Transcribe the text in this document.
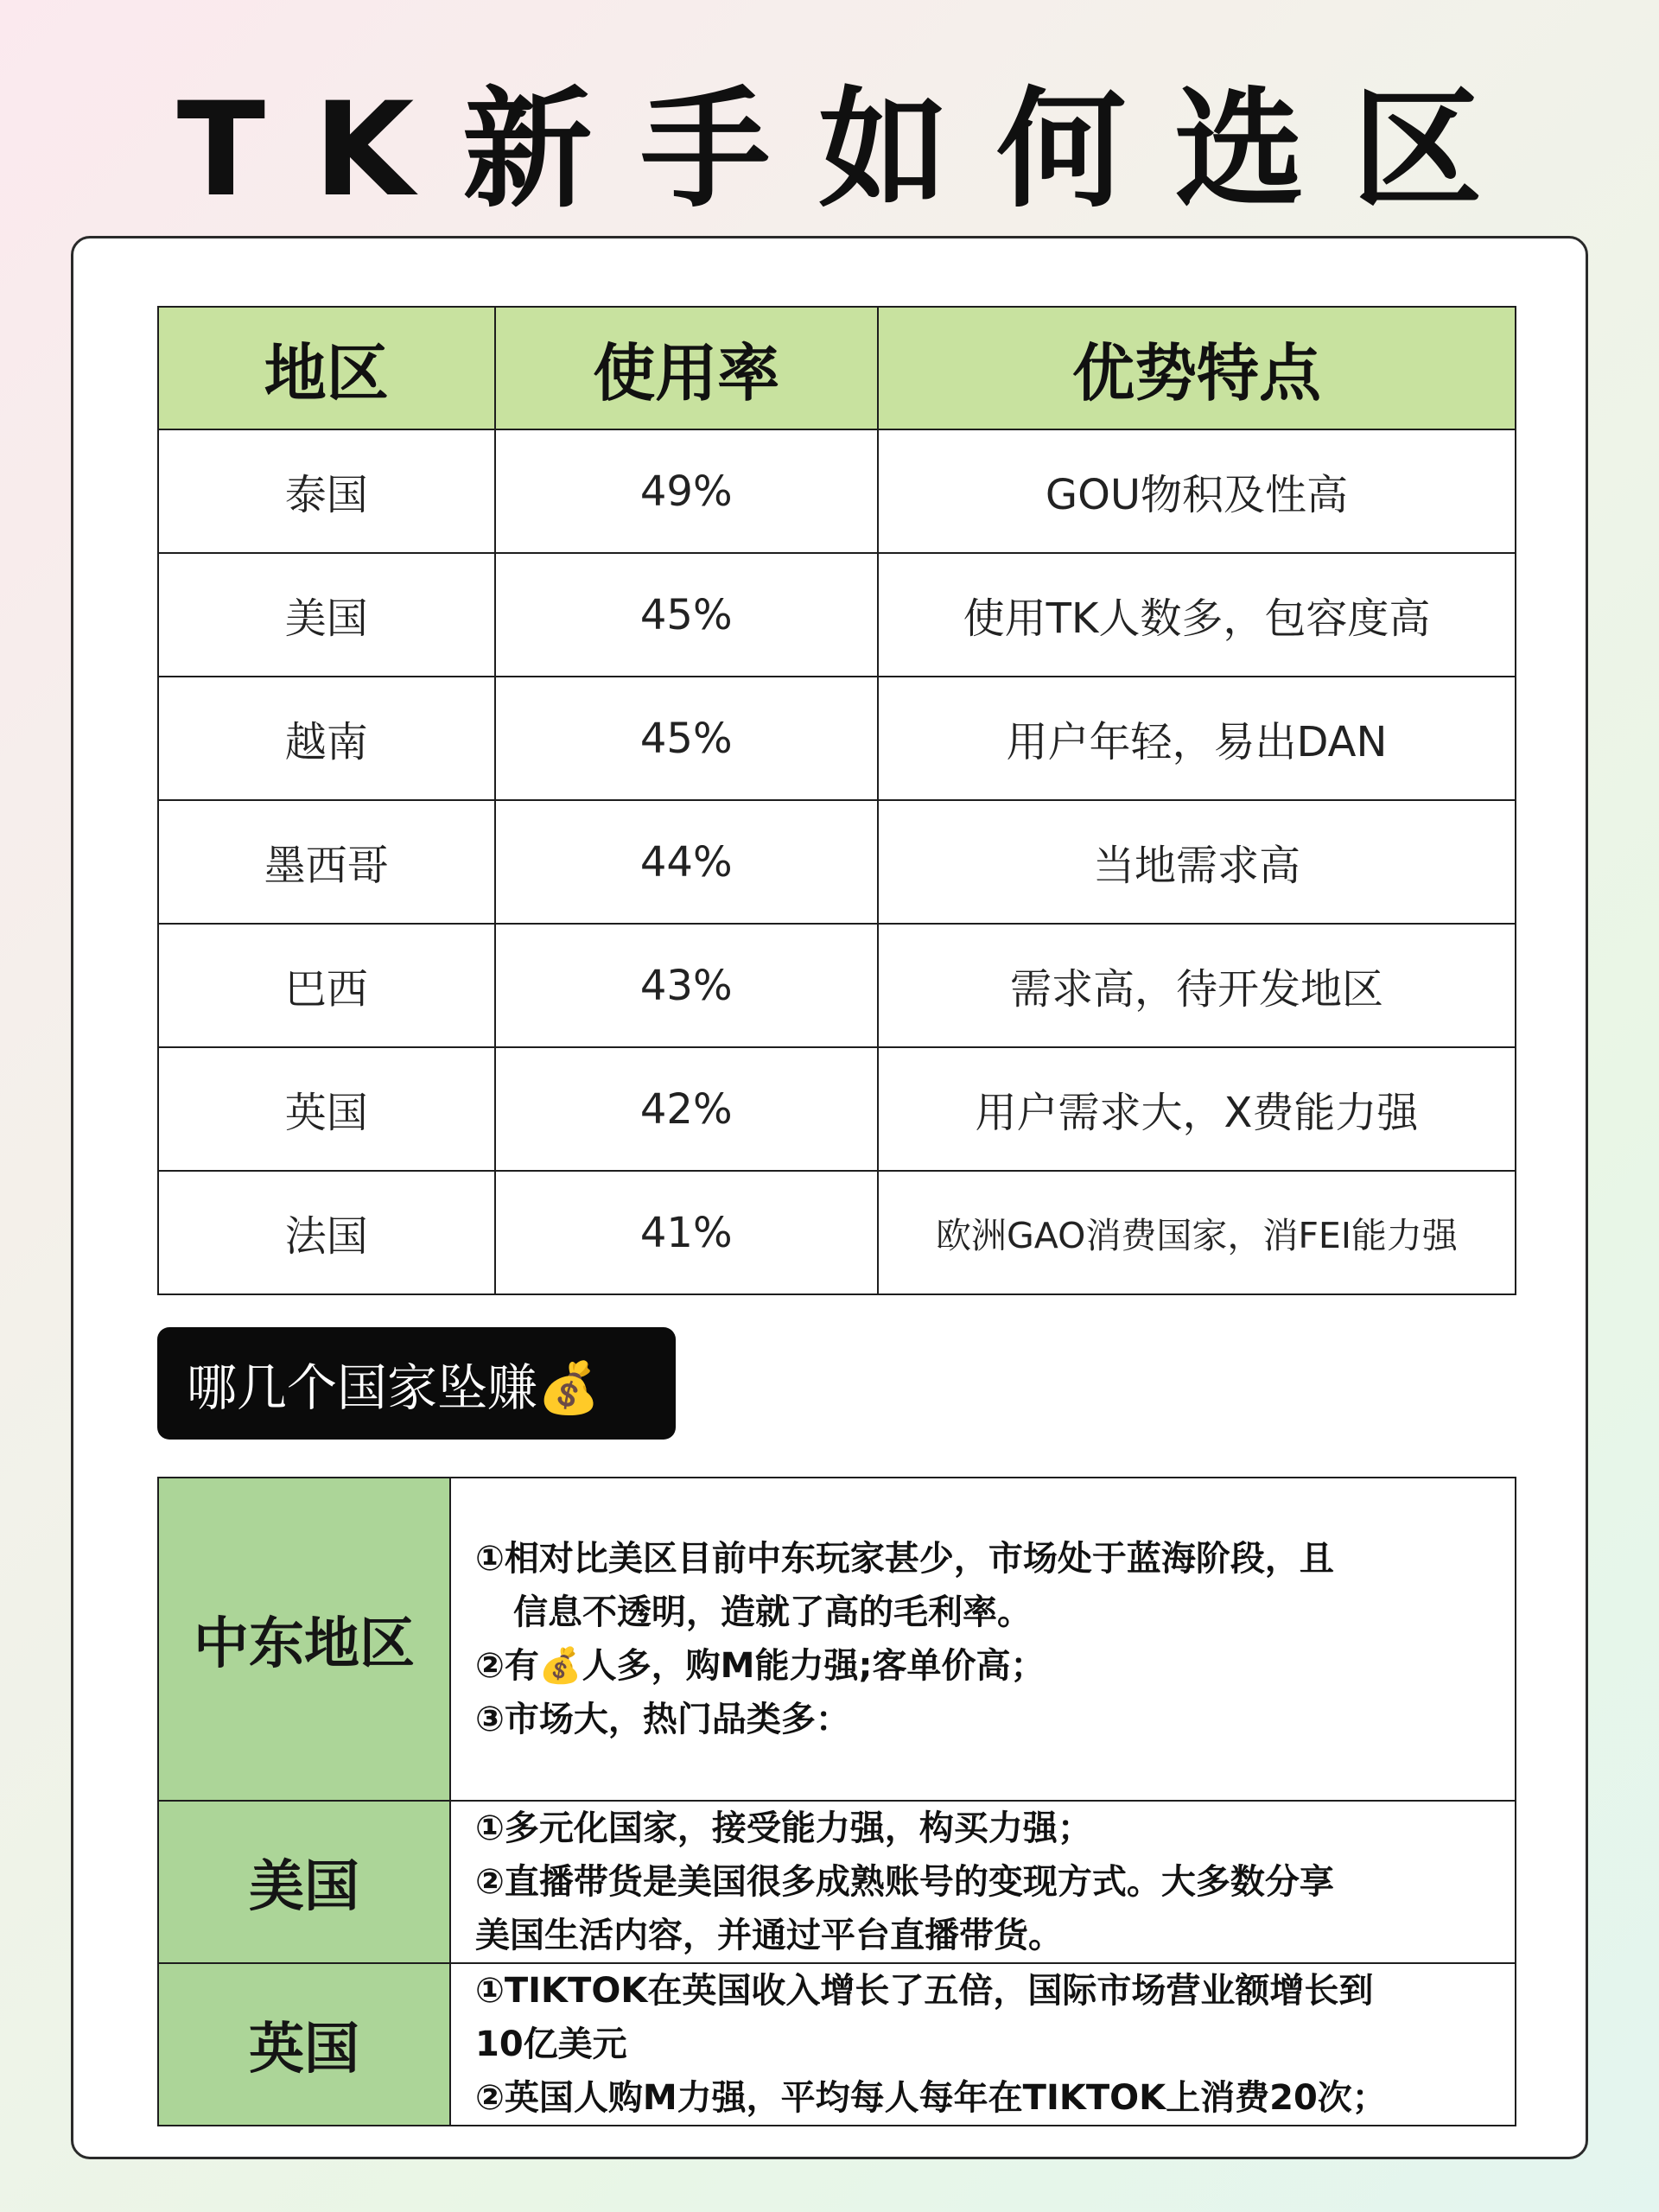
TK新手如何选区
地区	使用率	优势特点
泰国	49%	GOU物积及性高
美国	45%	使用TK人数多，包容度高
越南	45%	用户年轻，易出DAN
墨西哥	44%	当地需求高
巴西	43%	需求高，待开发地区
英国	42%	用户需求大，X费能力强
法国	41%	欧洲GAO消费国家，消FEI能力强
哪几个国家坠赚💰
中东地区	①相对比美区目前中东玩家甚少，市场处于蓝海阶段，且

信息不透明，造就了高的毛利率。

②有💰人多，购M能力强;客单价高；

③市场大，热门品类多：

美国	①多元化国家，接受能力强，构买力强；

②直播带货是美国很多成熟账号的变现方式。大多数分享

美国生活内容，并通过平台直播带货。

英国	①TIKTOK在英国收入增长了五倍，国际市场营业额增长到

10亿美元

②英国人购M力强，平均每人每年在TIKTOK上消费20次；
